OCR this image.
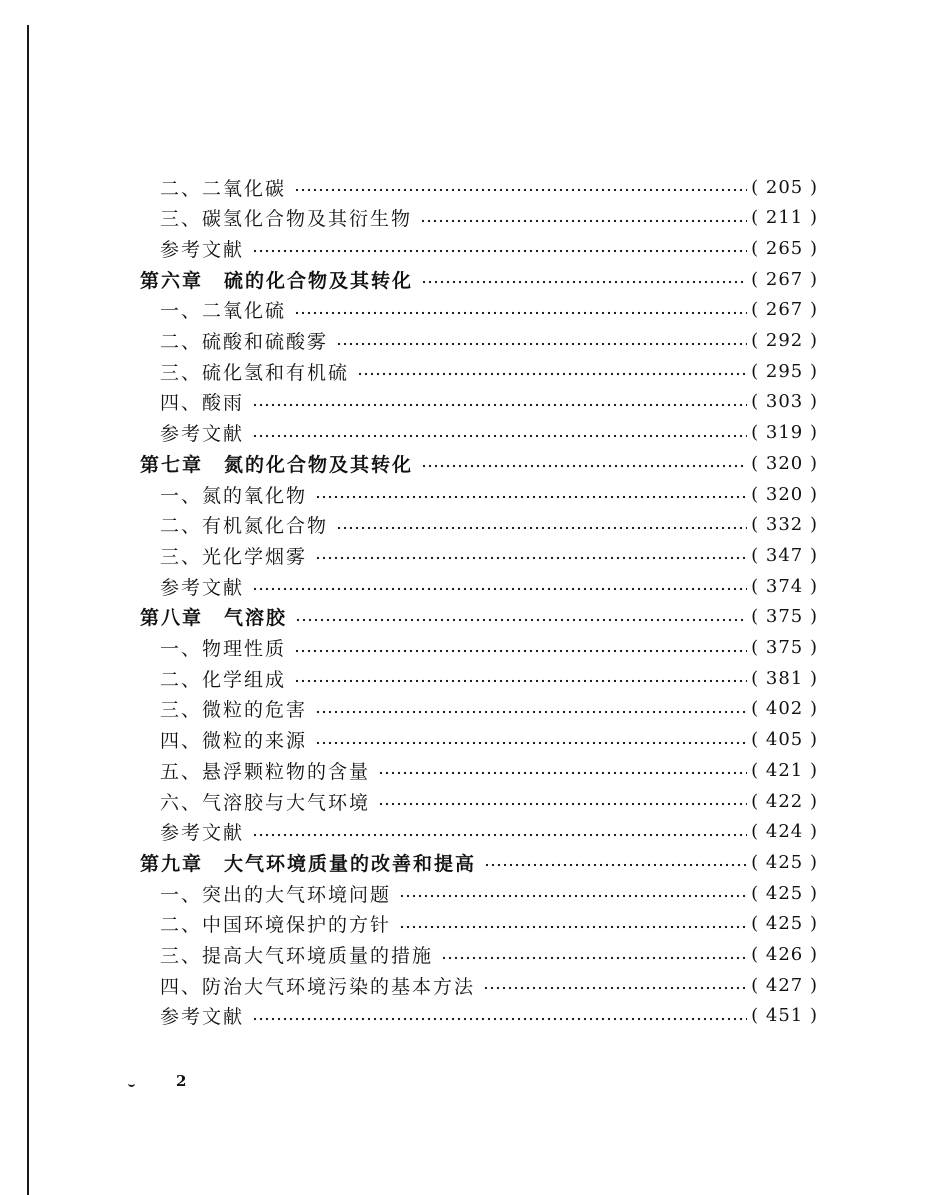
二、二氧化碳	( 205 )
三、碳氢化合物及其衍生物	( 211 )
参考文献	( 265 )
第六章　硫的化合物及其转化	( 267 )
一、二氧化硫	( 267 )
二、硫酸和硫酸雾	( 292 )
三、硫化氢和有机硫	( 295 )
四、酸雨	( 303 )
参考文献	( 319 )
第七章　氮的化合物及其转化	( 320 )
一、氮的氧化物	( 320 )
二、有机氮化合物	( 332 )
三、光化学烟雾	( 347 )
参考文献	( 374 )
第八章　气溶胶	( 375 )
一、物理性质	( 375 )
二、化学组成	( 381 )
三、微粒的危害	( 402 )
四、微粒的来源	( 405 )
五、悬浮颗粒物的含量	( 421 )
六、气溶胶与大气环境	( 422 )
参考文献	( 424 )
第九章　大气环境质量的改善和提高	( 425 )
一、突出的大气环境问题	( 425 )
二、中国环境保护的方针	( 425 )
三、提高大气环境质量的措施	( 426 )
四、防治大气环境污染的基本方法	( 427 )
参考文献	( 451 )
2
